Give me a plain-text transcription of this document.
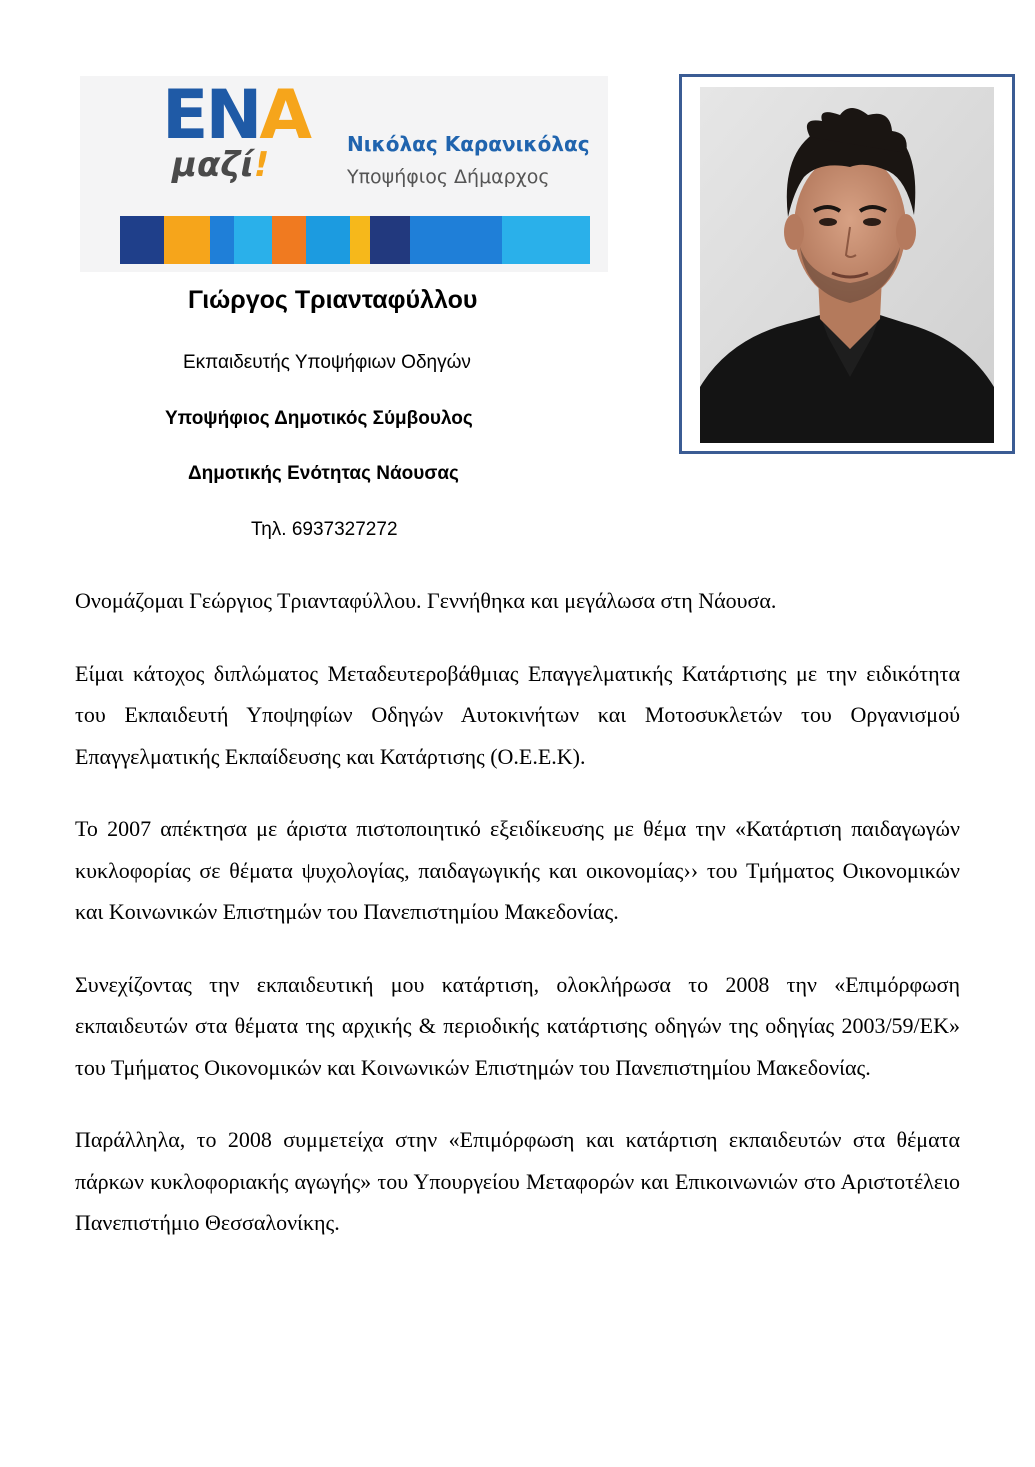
ΕΝΑ
μαζί!
Νικόλας Καρανικόλας
Υποψήφιος Δήμαρχος
Γιώργος Τριανταφύλλου
Εκπαιδευτής Υποψήφιων Οδηγών
Υποψήφιος Δημοτικός Σύμβουλος
Δημοτικής Ενότητας Νάουσας
Τηλ. 6937327272

Ονομάζομαι Γεώργιος Τριανταφύλλου. Γεννήθηκα και μεγάλωσα στη Νάουσα.

Είμαι κάτοχος διπλώματος Μεταδευτεροβάθμιας Επαγγελματικής Κατάρτισης με την ειδικότητα του Εκπαιδευτή Υποψηφίων Οδηγών Αυτοκινήτων και Μοτοσυκλετών του Οργανισμού Επαγγελματικής Εκπαίδευσης και Κατάρτισης (Ο.Ε.Ε.Κ).

Το 2007 απέκτησα με άριστα πιστοποιητικό εξειδίκευσης με θέμα την «Κατάρτιση παιδαγωγών κυκλοφορίας σε θέματα ψυχολογίας, παιδαγωγικής και οικονομίας›› του Τμήματος Οικονομικών και Κοινωνικών Επιστημών του Πανεπιστημίου Μακεδονίας.

Συνεχίζοντας την εκπαιδευτική μου κατάρτιση, ολοκλήρωσα το 2008 την «Επιμόρφωση εκπαιδευτών στα θέματα της αρχικής & περιοδικής κατάρτισης οδηγών της οδηγίας 2003/59/ΕΚ» του Τμήματος Οικονομικών και Κοινωνικών Επιστημών του Πανεπιστημίου Μακεδονίας.

Παράλληλα, το 2008 συμμετείχα στην «Επιμόρφωση και κατάρτιση εκπαιδευτών στα θέματα πάρκων κυκλοφοριακής αγωγής» του Υπουργείου Μεταφορών και Επικοινωνιών στο Αριστοτέλειο Πανεπιστήμιο Θεσσαλονίκης.
